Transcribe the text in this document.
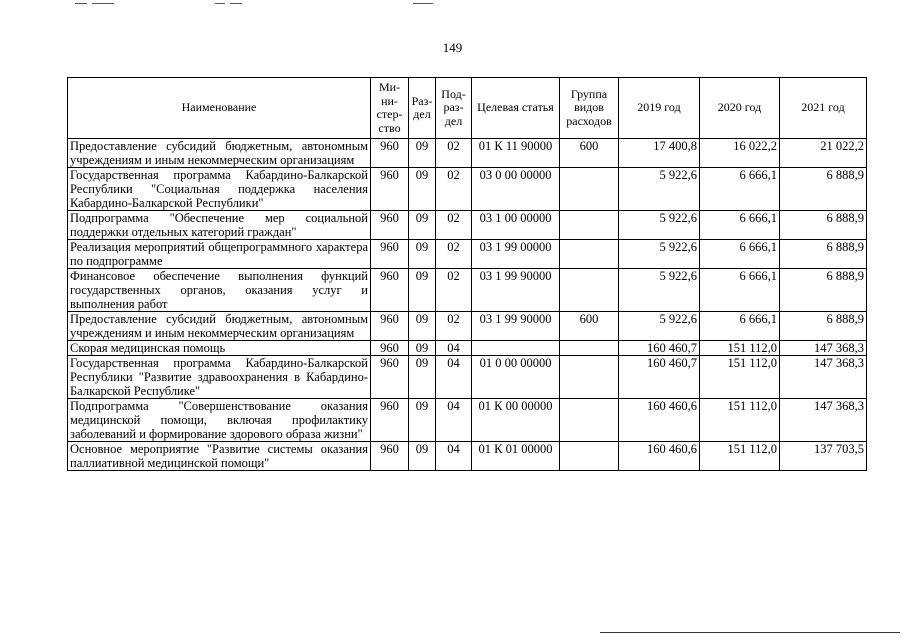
149
Наименование	Ми-ни-стер-ство	Раз-дел	Под-раз-дел	Целевая статья	Группа видов расходов	2019 год	2020 год	2021 год
Предоставление субсидий бюджетным, автономным учреждениям и иным некоммерческим организациям	960	09	02	01 К 11 90000	600	17 400,8	16 022,2	21 022,2
Государственная программа Кабардино-Балкарской Республики "Социальная поддержка населения Кабардино-Балкарской Республики"	960	09	02	03 0 00 00000		5 922,6	6 666,1	6 888,9
Подпрограмма "Обеспечение мер социальной поддержки отдельных категорий граждан"	960	09	02	03 1 00 00000		5 922,6	6 666,1	6 888,9
Реализация мероприятий общепрограммного характера по подпрограмме	960	09	02	03 1 99 00000		5 922,6	6 666,1	6 888,9
Финансовое обеспечение выполнения функций государственных органов, оказания услуг и выполнения работ	960	09	02	03 1 99 90000		5 922,6	6 666,1	6 888,9
Предоставление субсидий бюджетным, автономным учреждениям и иным некоммерческим организациям	960	09	02	03 1 99 90000	600	5 922,6	6 666,1	6 888,9
Скорая медицинская помощь	960	09	04			160 460,7	151 112,0	147 368,3
Государственная программа Кабардино-Балкарской Республики "Развитие здравоохранения в Кабардино-Балкарской Республике"	960	09	04	01 0 00 00000		160 460,7	151 112,0	147 368,3
Подпрограмма "Совершенствование оказания медицинской помощи, включая профилактику заболеваний и формирование здорового образа жизни"	960	09	04	01 К 00 00000		160 460,6	151 112,0	147 368,3
Основное мероприятие "Развитие системы оказания паллиативной медицинской помощи"	960	09	04	01 К 01 00000		160 460,6	151 112,0	137 703,5
